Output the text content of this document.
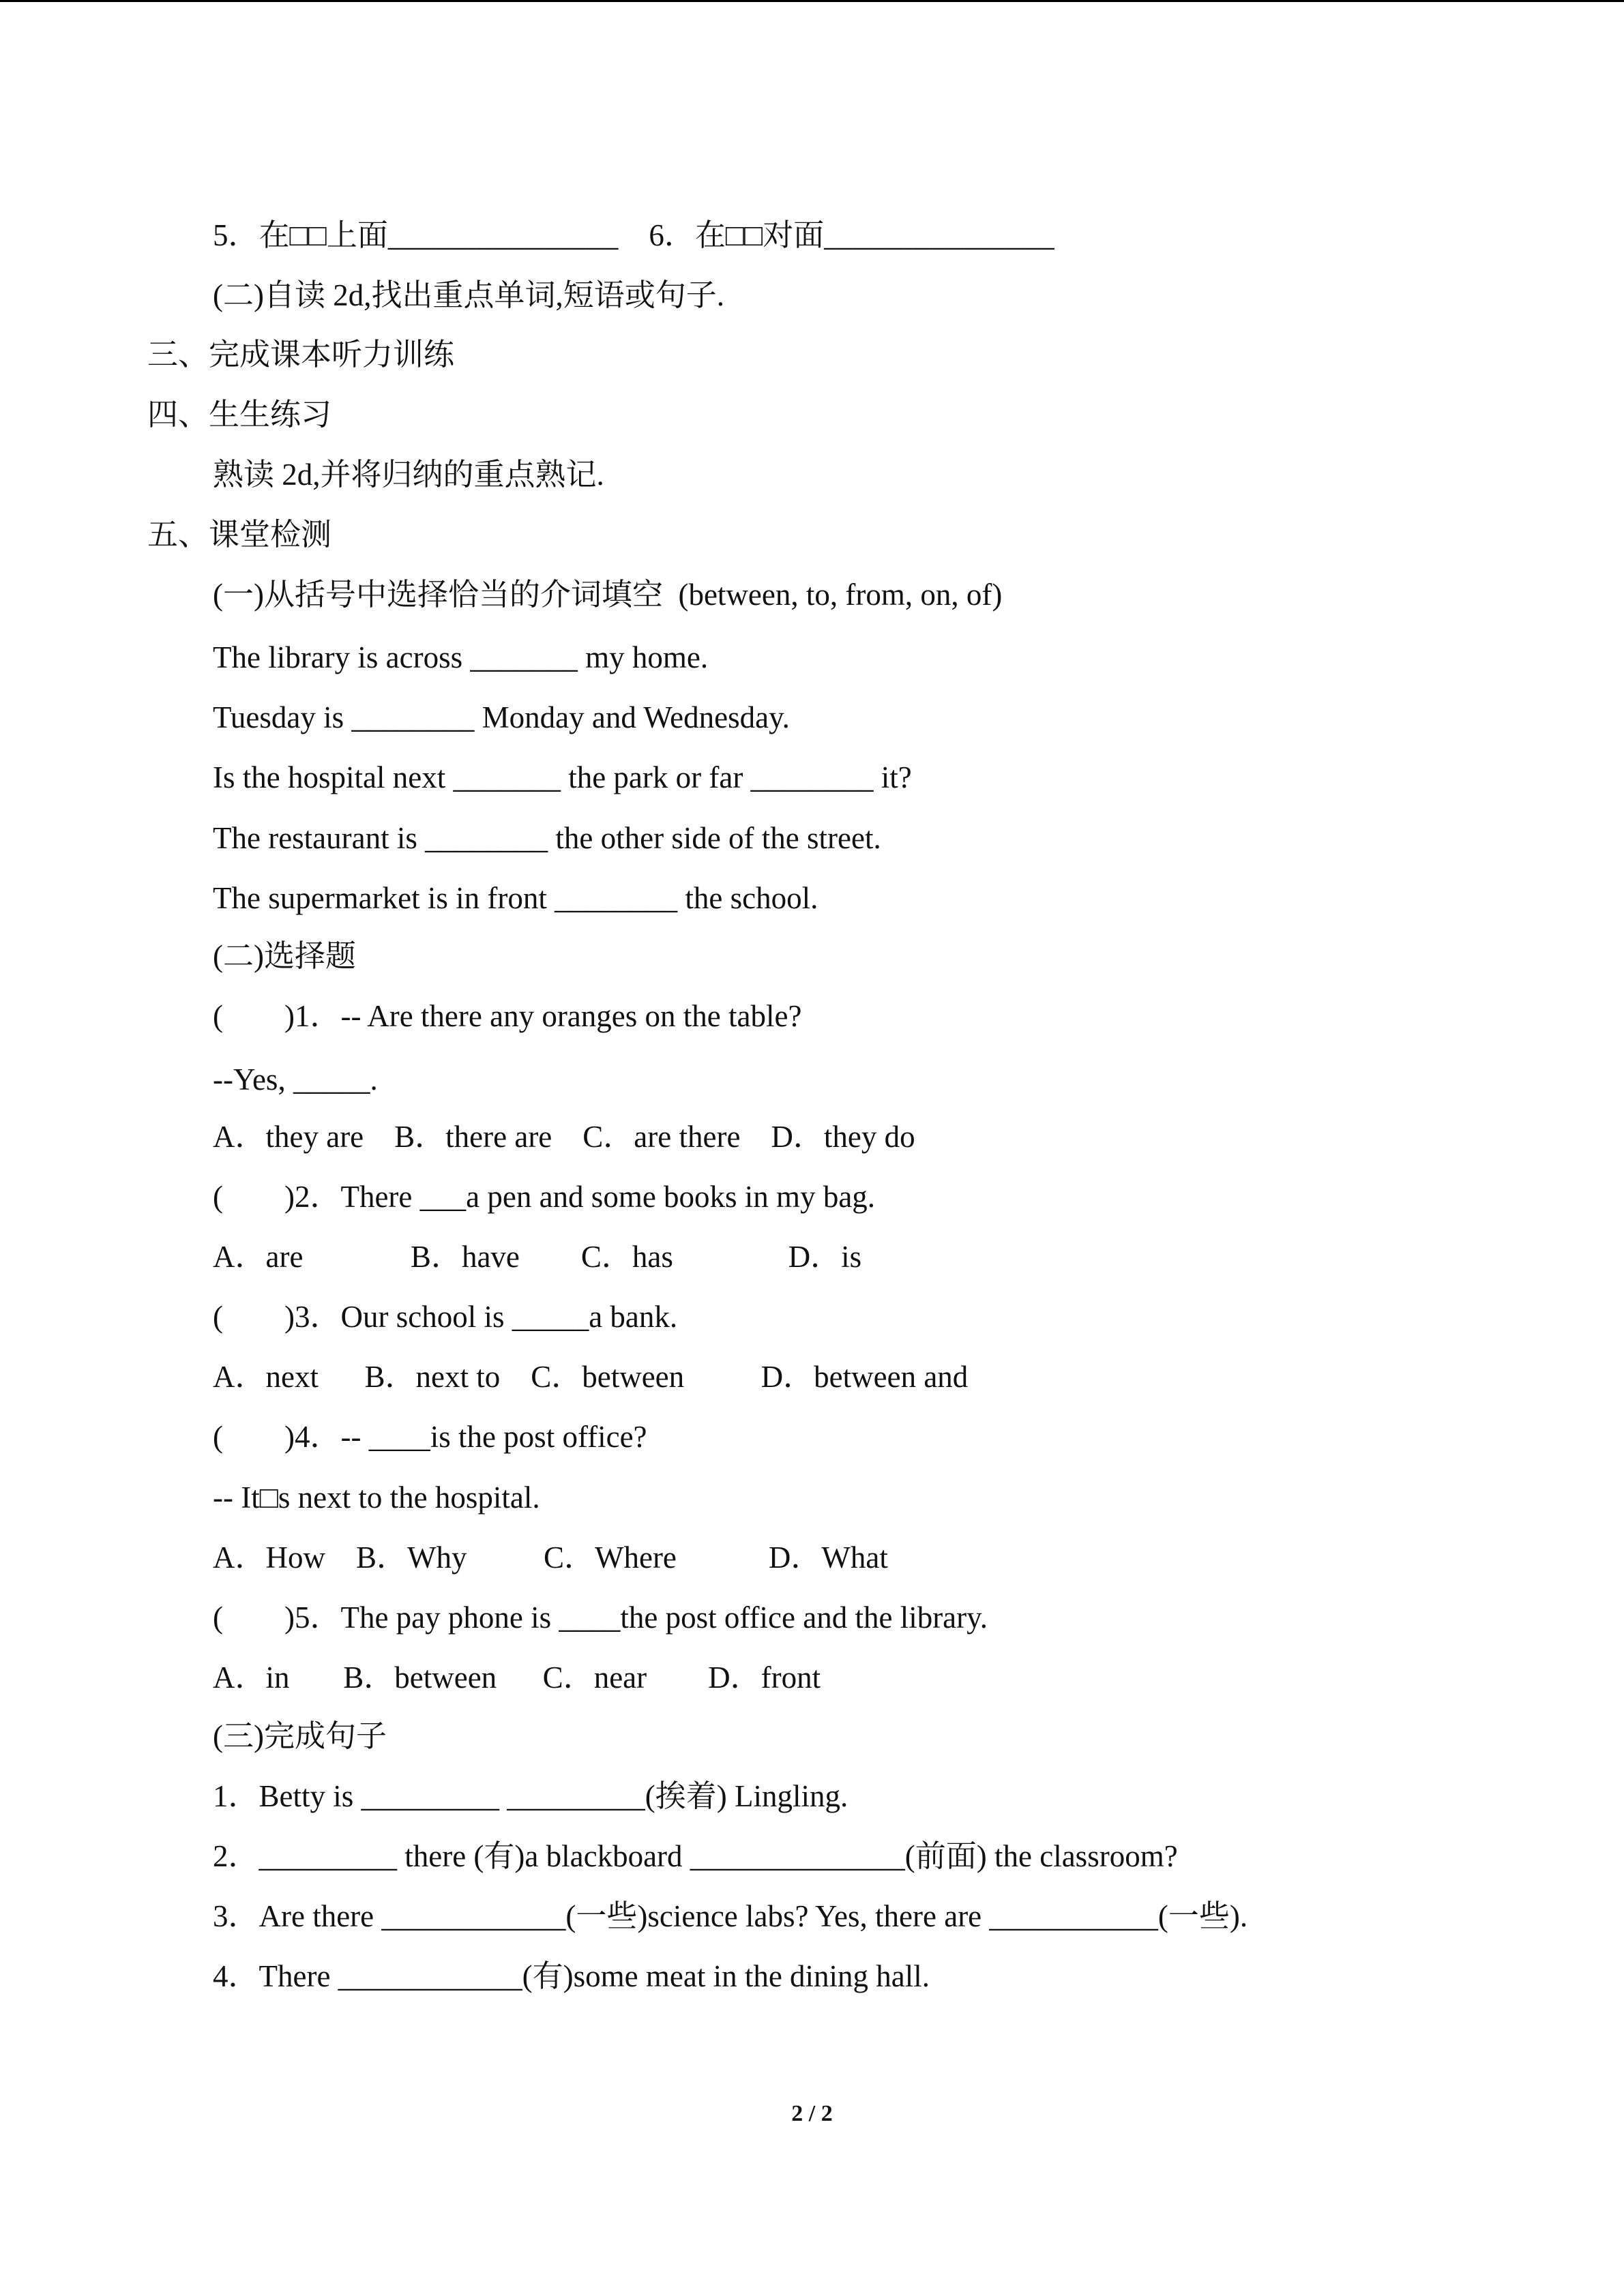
5．在□□上面_______________    6．在□□对面_______________
(二)自读 2d,找出重点单词,短语或句子.
三、完成课本听力训练
四、生生练习
熟读 2d,并将归纳的重点熟记.
五、课堂检测
(一)从括号中选择恰当的介词填空  (between, to, from, on, of)
The library is across _______ my home.
Tuesday is ________ Monday and Wednesday.
Is the hospital next _______ the park or far ________ it?
The restaurant is ________ the other side of the street.
The supermarket is in front ________ the school.
(二)选择题
(        )1．-- Are there any oranges on the table?
--Yes, _____.
A．they are    B．there are    C．are there    D．they do
(        )2．There ___a pen and some books in my bag.
A．are              B．have        C．has               D．is
(        )3．Our school is _____a bank.
A．next      B．next to    C．between          D．between and
(        )4．-- ____is the post office?
-- It□s next to the hospital.
A．How    B．Why          C．Where            D．What
(        )5．The pay phone is ____the post office and the library.
A．in       B．between      C．near        D．front
(三)完成句子
1．Betty is _________ _________(挨着) Lingling.
2．_________ there (有)a blackboard ______________(前面) the classroom?
3．Are there ____________(一些)science labs? Yes, there are ___________(一些).
4．There ____________(有)some meat in the dining hall.
2 / 2
